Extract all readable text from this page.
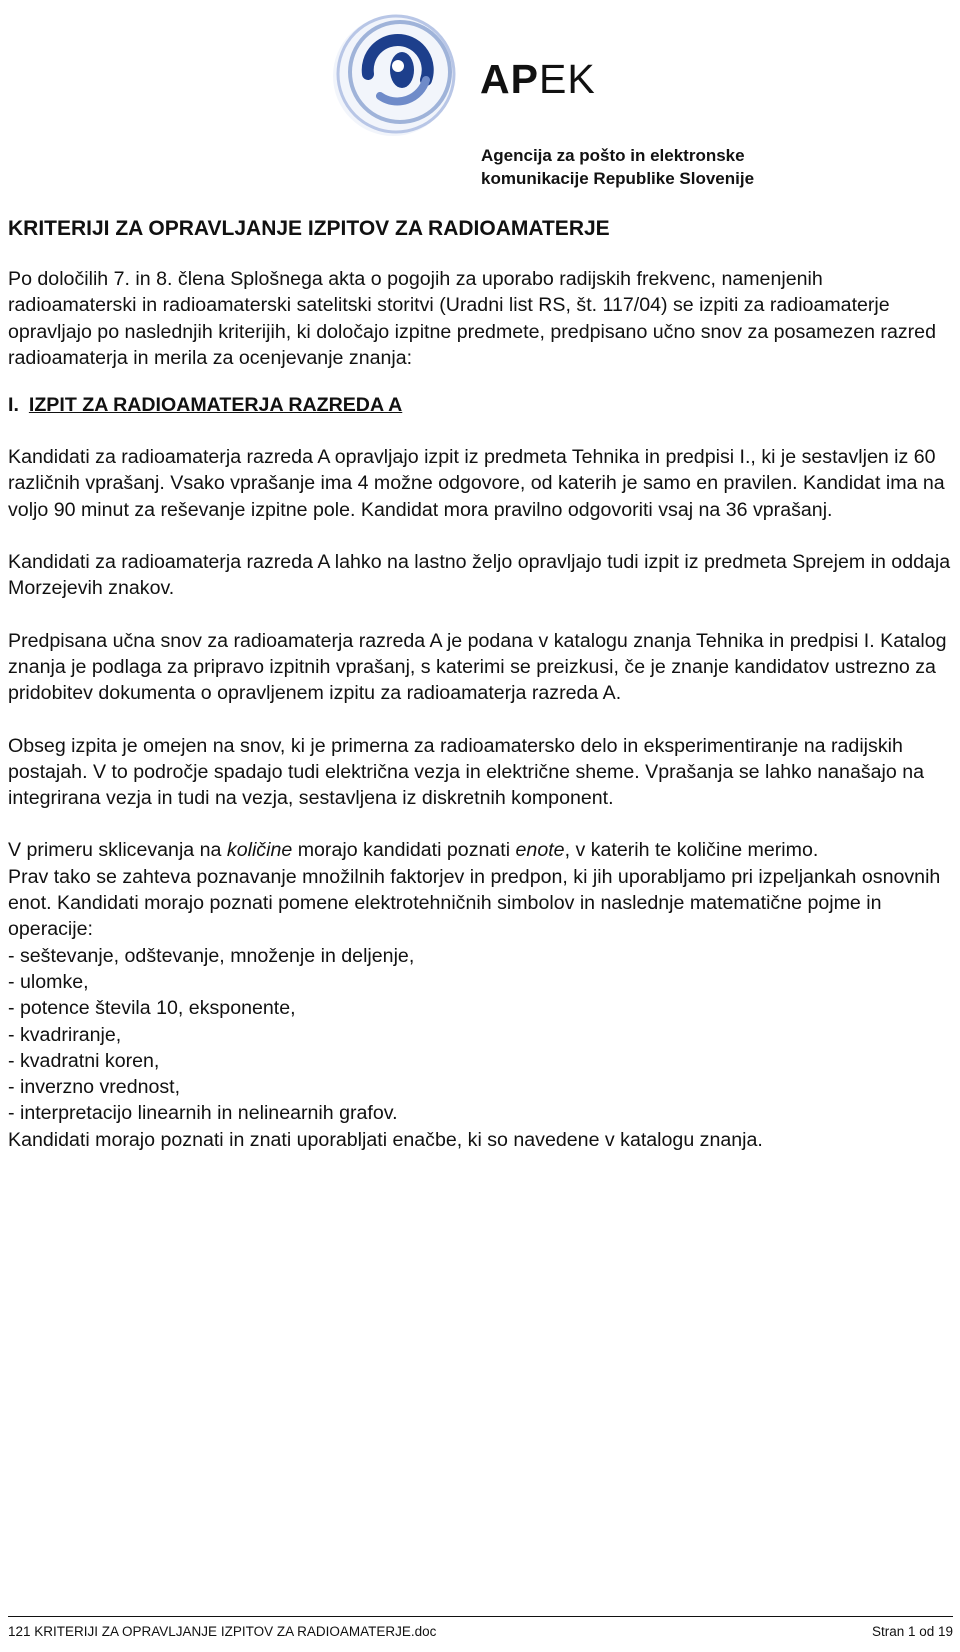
APEK
Agencija za pošto in elektronske
komunikacije Republike Slovenije
KRITERIJI ZA OPRAVLJANJE IZPITOV ZA RADIOAMATERJE

Po določilih 7. in 8. člena Splošnega akta o pogojih za uporabo radijskih frekvenc, namenjenih radioamaterski in radioamaterski satelitski storitvi (Uradni list RS, št. 117/04) se izpiti za radioamaterje opravljajo po naslednjih kriterijih, ki določajo izpitne predmete, predpisano učno snov za posamezen razred radioamaterja in merila za ocenjevanje znanja:

I. IZPIT ZA RADIOAMATERJA RAZREDA A

Kandidati za radioamaterja razreda A opravljajo izpit iz predmeta Tehnika in predpisi I., ki je sestavljen iz 60 različnih vprašanj. Vsako vprašanje ima 4 možne odgovore, od katerih je samo en pravilen. Kandidat ima na voljo 90 minut za reševanje izpitne pole. Kandidat mora pravilno odgovoriti vsaj na 36 vprašanj.

Kandidati za radioamaterja razreda A lahko na lastno željo opravljajo tudi izpit iz predmeta Sprejem in oddaja Morzejevih znakov.

Predpisana učna snov za radioamaterja razreda A je podana v katalogu znanja Tehnika in predpisi I. Katalog znanja je podlaga za pripravo izpitnih vprašanj, s katerimi se preizkusi, če je znanje kandidatov ustrezno za pridobitev dokumenta o opravljenem izpitu za radioamaterja razreda A.

Obseg izpita je omejen na snov, ki je primerna za radioamatersko delo in eksperimentiranje na radijskih postajah. V to področje spadajo tudi električna vezja in električne sheme. Vprašanja se lahko nanašajo na integrirana vezja in tudi na vezja, sestavljena iz diskretnih komponent.

V primeru sklicevanja na količine morajo kandidati poznati enote, v katerih te količine merimo.

Prav tako se zahteva poznavanje množilnih faktorjev in predpon, ki jih uporabljamo pri izpeljankah osnovnih enot. Kandidati morajo poznati pomene elektrotehničnih simbolov in naslednje matematične pojme in operacije:

- seštevanje, odštevanje, množenje in deljenje,
- ulomke,
- potence števila 10, eksponente,
- kvadriranje,
- kvadratni koren,
- inverzno vrednost,
- interpretacijo linearnih in nelinearnih grafov.

Kandidati morajo poznati in znati uporabljati enačbe, ki so navedene v katalogu znanja.

121 KRITERIJI ZA OPRAVLJANJE IZPITOV ZA RADIOAMATERJE.doc	Stran 1 od 19
